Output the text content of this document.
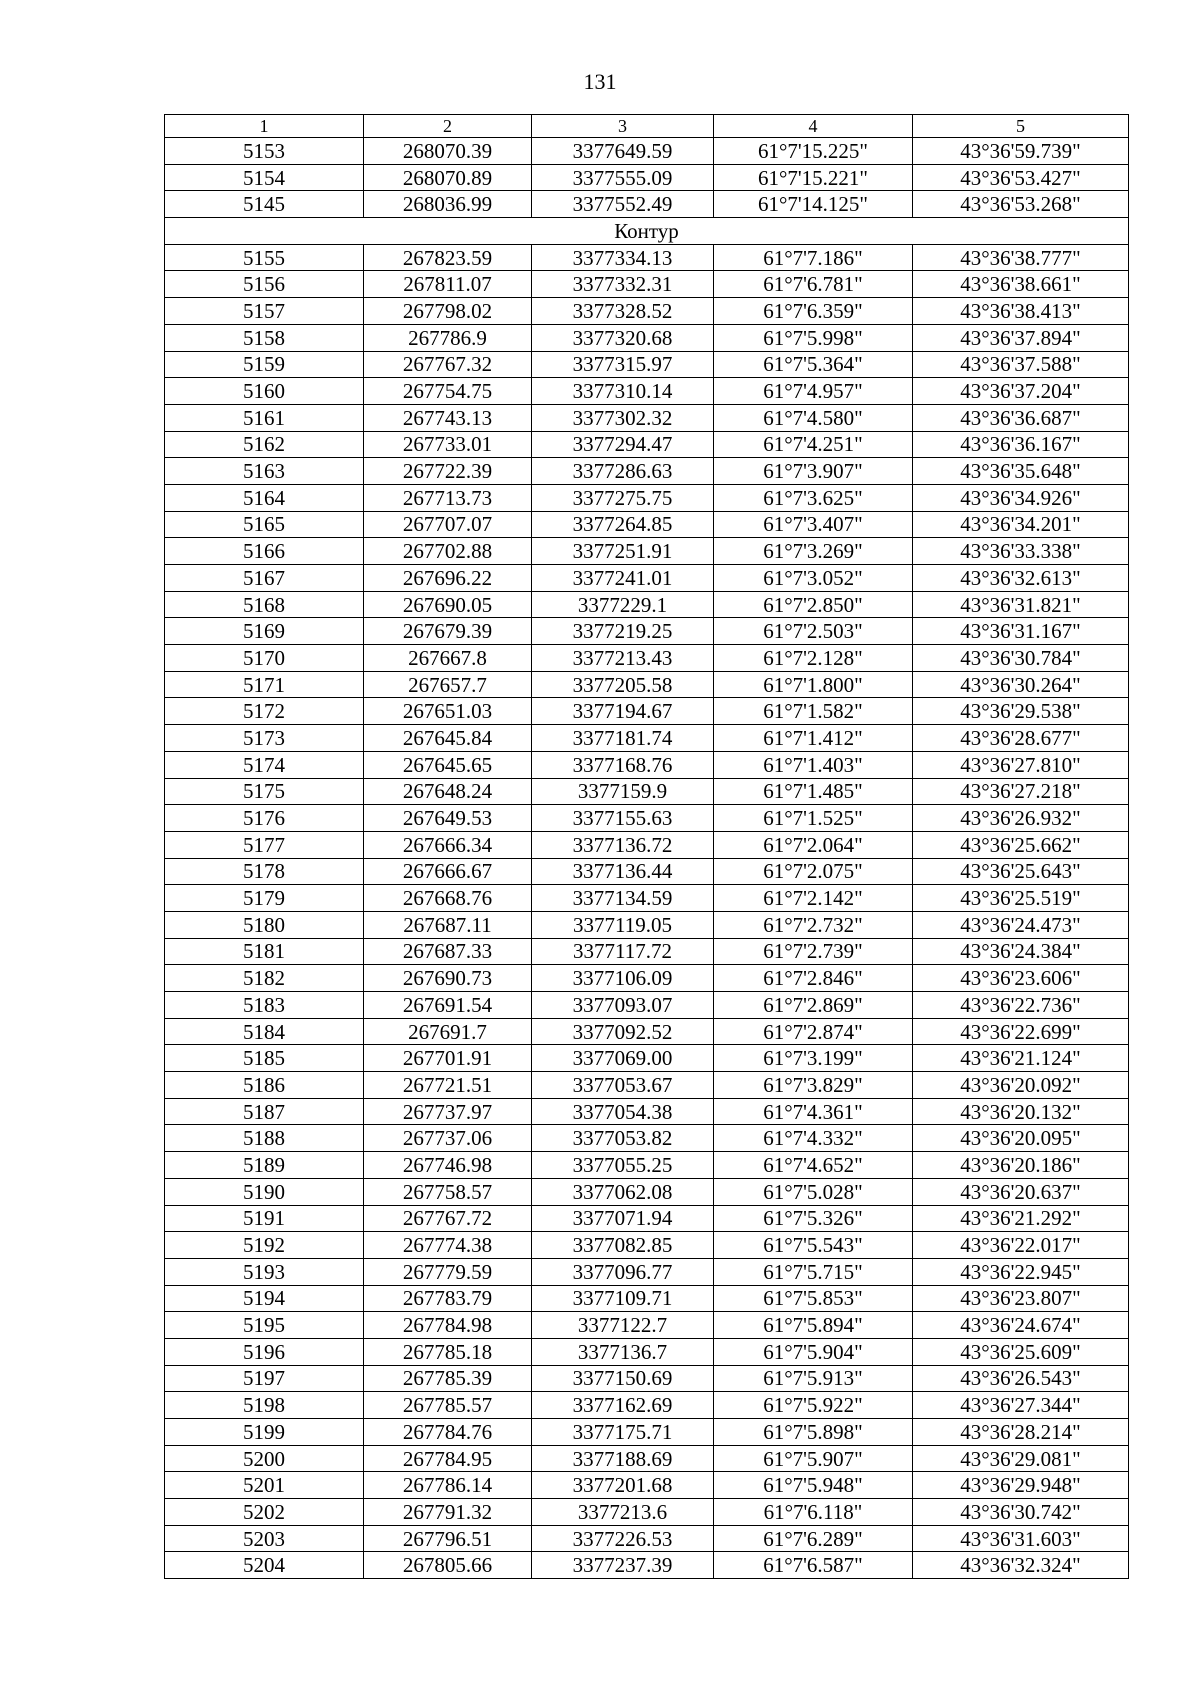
131
1	2	3	4	5
5153	268070.39	3377649.59	61°7'15.225"	43°36'59.739"
5154	268070.89	3377555.09	61°7'15.221"	43°36'53.427"
5145	268036.99	3377552.49	61°7'14.125"	43°36'53.268"
Контур				
5155	267823.59	3377334.13	61°7'7.186"	43°36'38.777"
5156	267811.07	3377332.31	61°7'6.781"	43°36'38.661"
5157	267798.02	3377328.52	61°7'6.359"	43°36'38.413"
5158	267786.9	3377320.68	61°7'5.998"	43°36'37.894"
5159	267767.32	3377315.97	61°7'5.364"	43°36'37.588"
5160	267754.75	3377310.14	61°7'4.957"	43°36'37.204"
5161	267743.13	3377302.32	61°7'4.580"	43°36'36.687"
5162	267733.01	3377294.47	61°7'4.251"	43°36'36.167"
5163	267722.39	3377286.63	61°7'3.907"	43°36'35.648"
5164	267713.73	3377275.75	61°7'3.625"	43°36'34.926"
5165	267707.07	3377264.85	61°7'3.407"	43°36'34.201"
5166	267702.88	3377251.91	61°7'3.269"	43°36'33.338"
5167	267696.22	3377241.01	61°7'3.052"	43°36'32.613"
5168	267690.05	3377229.1	61°7'2.850"	43°36'31.821"
5169	267679.39	3377219.25	61°7'2.503"	43°36'31.167"
5170	267667.8	3377213.43	61°7'2.128"	43°36'30.784"
5171	267657.7	3377205.58	61°7'1.800"	43°36'30.264"
5172	267651.03	3377194.67	61°7'1.582"	43°36'29.538"
5173	267645.84	3377181.74	61°7'1.412"	43°36'28.677"
5174	267645.65	3377168.76	61°7'1.403"	43°36'27.810"
5175	267648.24	3377159.9	61°7'1.485"	43°36'27.218"
5176	267649.53	3377155.63	61°7'1.525"	43°36'26.932"
5177	267666.34	3377136.72	61°7'2.064"	43°36'25.662"
5178	267666.67	3377136.44	61°7'2.075"	43°36'25.643"
5179	267668.76	3377134.59	61°7'2.142"	43°36'25.519"
5180	267687.11	3377119.05	61°7'2.732"	43°36'24.473"
5181	267687.33	3377117.72	61°7'2.739"	43°36'24.384"
5182	267690.73	3377106.09	61°7'2.846"	43°36'23.606"
5183	267691.54	3377093.07	61°7'2.869"	43°36'22.736"
5184	267691.7	3377092.52	61°7'2.874"	43°36'22.699"
5185	267701.91	3377069.00	61°7'3.199"	43°36'21.124"
5186	267721.51	3377053.67	61°7'3.829"	43°36'20.092"
5187	267737.97	3377054.38	61°7'4.361"	43°36'20.132"
5188	267737.06	3377053.82	61°7'4.332"	43°36'20.095"
5189	267746.98	3377055.25	61°7'4.652"	43°36'20.186"
5190	267758.57	3377062.08	61°7'5.028"	43°36'20.637"
5191	267767.72	3377071.94	61°7'5.326"	43°36'21.292"
5192	267774.38	3377082.85	61°7'5.543"	43°36'22.017"
5193	267779.59	3377096.77	61°7'5.715"	43°36'22.945"
5194	267783.79	3377109.71	61°7'5.853"	43°36'23.807"
5195	267784.98	3377122.7	61°7'5.894"	43°36'24.674"
5196	267785.18	3377136.7	61°7'5.904"	43°36'25.609"
5197	267785.39	3377150.69	61°7'5.913"	43°36'26.543"
5198	267785.57	3377162.69	61°7'5.922"	43°36'27.344"
5199	267784.76	3377175.71	61°7'5.898"	43°36'28.214"
5200	267784.95	3377188.69	61°7'5.907"	43°36'29.081"
5201	267786.14	3377201.68	61°7'5.948"	43°36'29.948"
5202	267791.32	3377213.6	61°7'6.118"	43°36'30.742"
5203	267796.51	3377226.53	61°7'6.289"	43°36'31.603"
5204	267805.66	3377237.39	61°7'6.587"	43°36'32.324"
